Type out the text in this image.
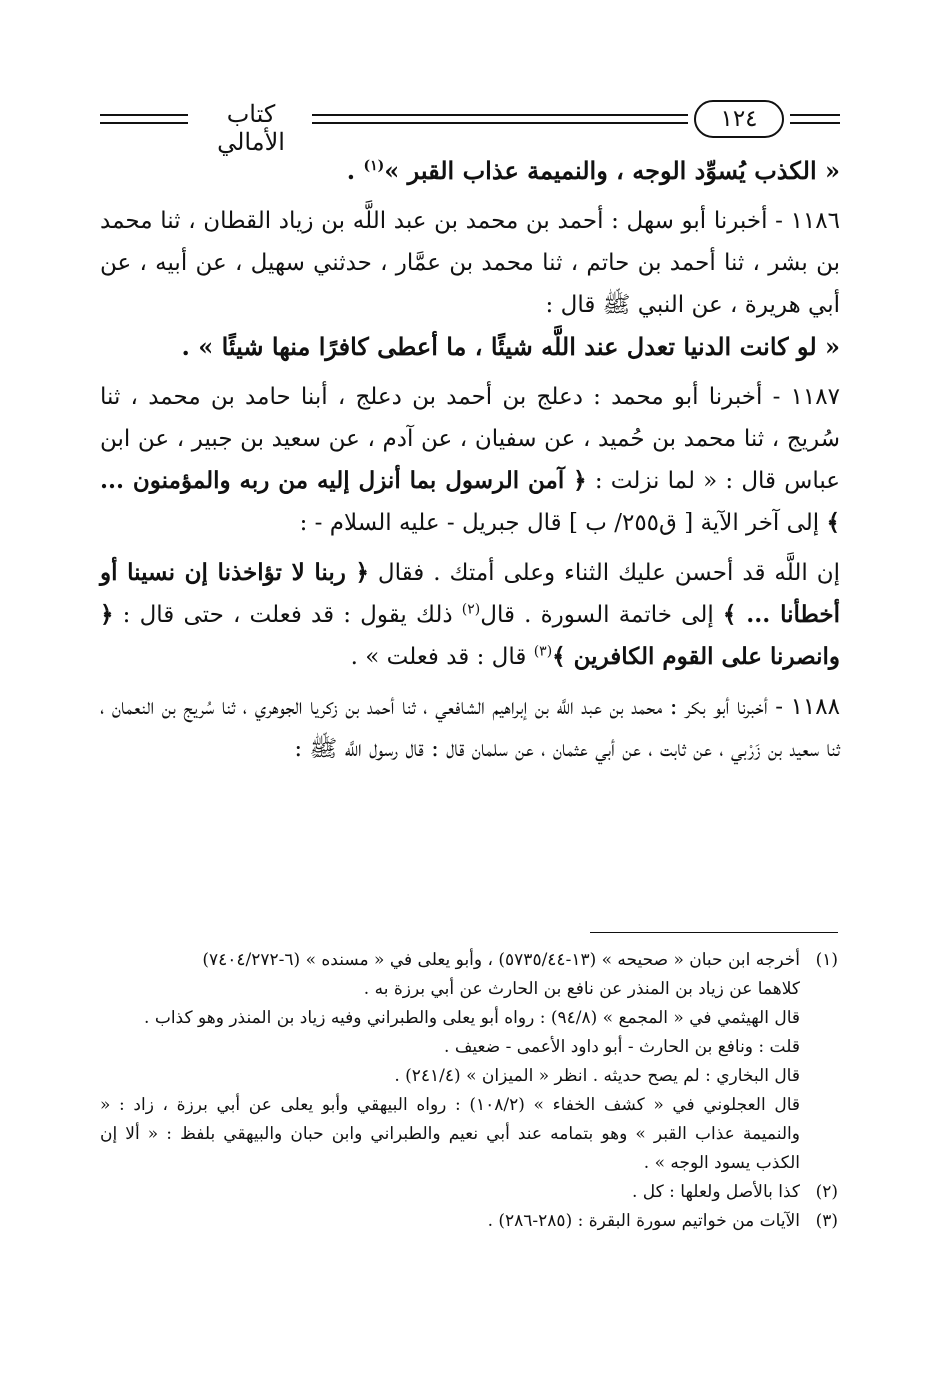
كتاب الأمالي
١٢٤

« الكذب يُسوِّد الوجه ، والنميمة عذاب القبر »$^{(١)}$ .

١١٨٦ - أخبرنا أبو سهل : أحمد بن محمد بن عبد اللَّه بن زياد القطان ، ثنا محمد بن بشر ، ثنا أحمد بن حاتم ، ثنا محمد بن عمَّار ، حدثني سهيل ، عن أبيه ، عن أبي هريرة ، عن النبي ﷺ قال :

« لو كانت الدنيا تعدل عند اللَّه شيئًا ، ما أعطى كافرًا منها شيئًا » .

١١٨٧ - أخبرنا أبو محمد : دعلج بن أحمد بن دعلج ، أبنا حامد بن محمد ، ثنا سُريج ، ثنا محمد بن حُميد ، عن سفيان ، عن آدم ، عن سعيد بن جبير ، عن ابن عباس قال : « لما نزلت : ﴿ آمن الرسول بما أنزل إليه من ربه والمؤمنون ... ﴾ إلى آخر الآية [ ق٢٥٥/ ب ] قال جبريل - عليه السلام - :

إن اللَّه قد أحسن عليك الثناء وعلى أمتك . فقال ﴿ ربنا لا تؤاخذنا إن نسينا أو أخطأنا ... ﴾ إلى خاتمة السورة . قال$^{(٢)}$ ذلك يقول : قد فعلت ، حتى قال : ﴿ وانصرنا على القوم الكافرين ﴾$^{(٣)}$ قال : قد فعلت » .

١١٨٨ - أخبرنا أبو بكر : محمد بن عبد اللَّه بن إبراهيم الشافعي ، ثنا أحمد بن زكريا الجوهري ، ثنا سُريج بن النعمان ، ثنا سعيد بن زَرْبي ، عن ثابت ، عن أبي عثمان ، عن سلمان قال : قال رسول اللَّه ﷺ :

(١)
أخرجه ابن حبان « صحيحه » (١٣-٥٧٣٥/٤٤) ، وأبو يعلى في « مسنده » (٦-٧٤٠٤/٢٧٢)

كلاهما عن زياد بن المنذر عن نافع بن الحارث عن أبي برزة به .

قال الهيثمي في « المجمع » (٩٤/٨) : رواه أبو يعلى والطبراني وفيه زياد بن المنذر وهو كذاب .

قلت : ونافع بن الحارث - أبو داود الأعمى - ضعيف .

قال البخاري : لم يصح حديثه . انظر « الميزان » (٢٤١/٤) .

قال العجلوني في « كشف الخفاء » (١٠٨/٢) : رواه البيهقي وأبو يعلى عن أبي برزة ، زاد : « والنميمة عذاب القبر » وهو بتمامه عند أبي نعيم والطبراني وابن حبان والبيهقي بلفظ : « ألا إن الكذب يسود الوجه » .

(٢)
كذا بالأصل ولعلها : كل .
(٣)
الآيات من خواتيم سورة البقرة : (٢٨٥-٢٨٦) .
